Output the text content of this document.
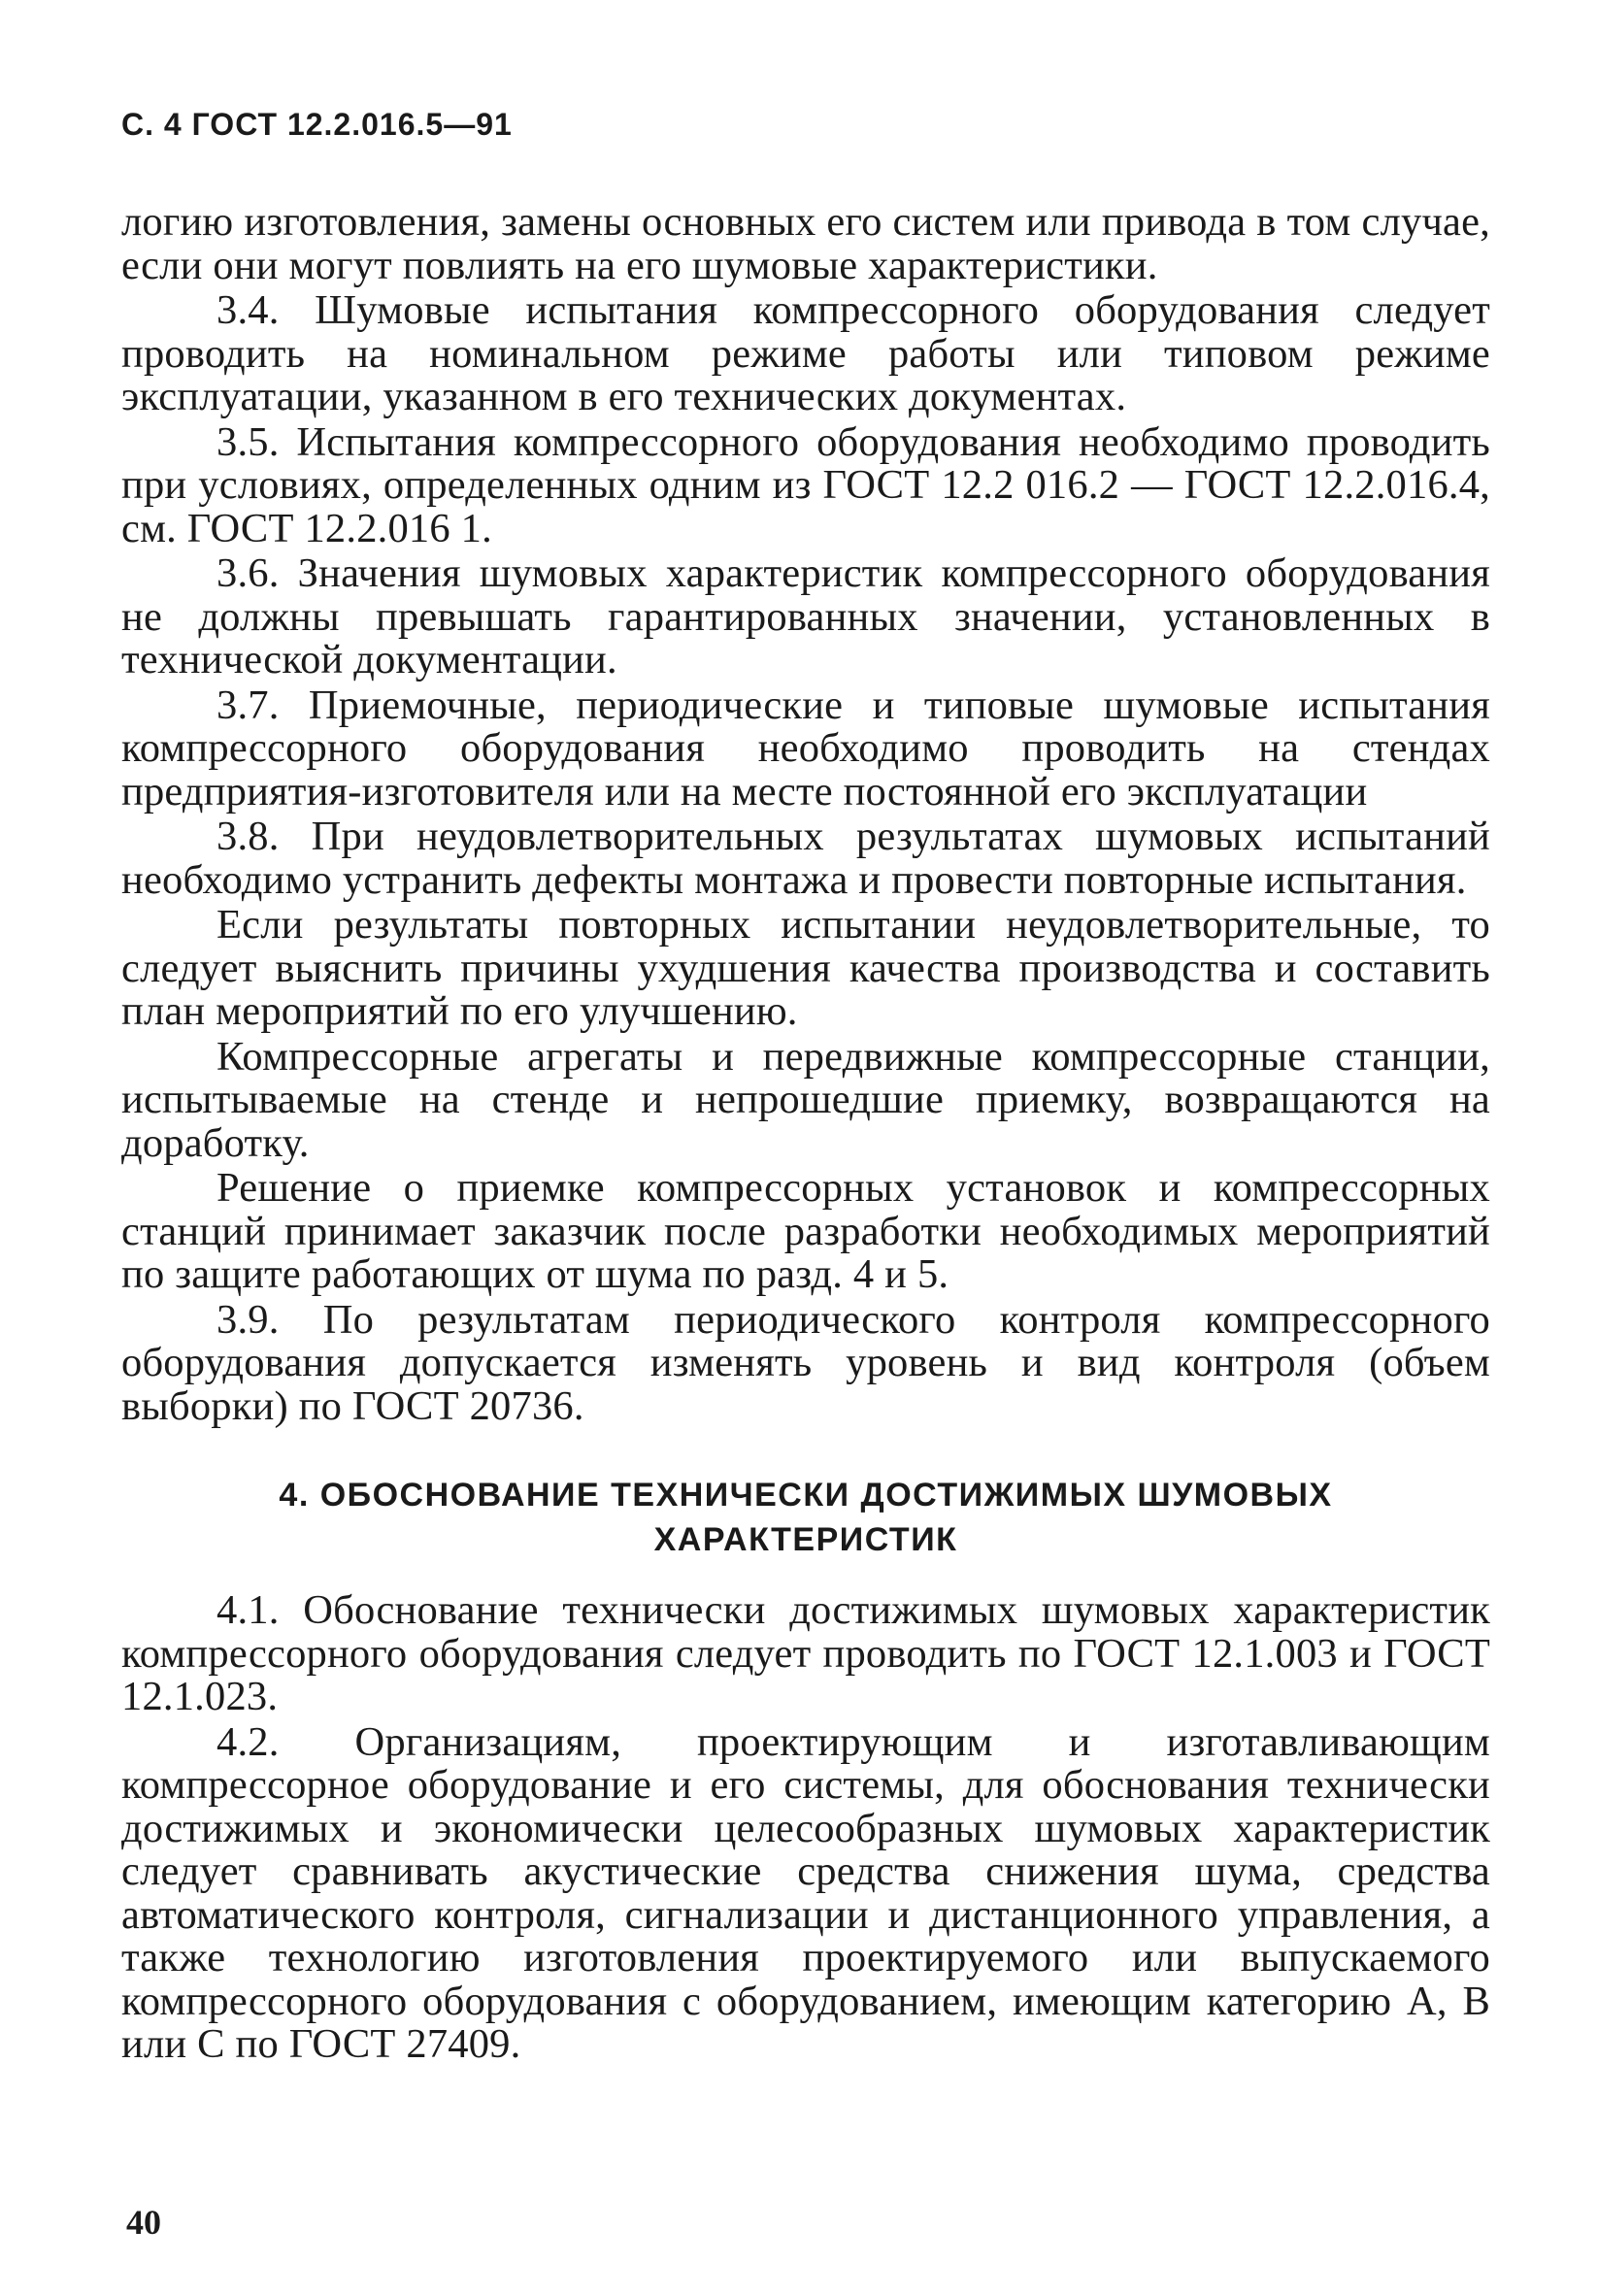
С. 4 ГОСТ 12.2.016.5—91

логию изготовления, замены основных его систем или привода в том случае, если они могут повлиять на его шумовые характеристики.

3.4. Шумовые испытания компрессорного оборудования следует проводить на номинальном режиме работы или типовом режиме эксплуатации, указанном в его технических документах.

3.5. Испытания компрессорного оборудования необходимо проводить при условиях, определенных одним из ГОСТ 12.2 016.2 — ГОСТ 12.2.016.4, см. ГОСТ 12.2.016 1.

3.6. Значения шумовых характеристик компрессорного оборудования не должны превышать гарантированных значении, установленных в технической документации.

3.7. Приемочные, периодические и типовые шумовые испытания компрессорного оборудования необходимо проводить на стендах предприятия-изготовителя или на месте постоянной его эксплуатации

3.8. При неудовлетворительных результатах шумовых испытаний необходимо устранить дефекты монтажа и провести повторные испытания.

Если результаты повторных испытании неудовлетворительные, то следует выяснить причины ухудшения качества производства и составить план мероприятий по его улучшению.

Компрессорные агрегаты и передвижные компрессорные станции, испытываемые на стенде и непрошедшие приемку, возвращаются на доработку.

Решение о приемке компрессорных установок и компрессорных станций принимает заказчик после разработки необходимых мероприятий по защите работающих от шума по разд. 4 и 5.

3.9. По результатам периодического контроля компрессорного оборудования допускается изменять уровень и вид контроля (объем выборки) по ГОСТ 20736.

4. ОБОСНОВАНИЕ ТЕХНИЧЕСКИ ДОСТИЖИМЫХ ШУМОВЫХ
ХАРАКТЕРИСТИК

4.1. Обоснование технически достижимых шумовых характеристик компрессорного оборудования следует проводить по ГОСТ 12.1.003 и ГОСТ 12.1.023.

4.2. Организациям, проектирующим и изготавливающим компрессорное оборудование и его системы, для обоснования технически достижимых и экономически целесообразных шумовых характеристик следует сравнивать акустические средства снижения шума, средства автоматического контроля, сигнализации и дистанционного управления, а также технологию изготовления проектируемого или выпускаемого компрессорного оборудования с оборудованием, имеющим категорию А, В или С по ГОСТ 27409.

40
